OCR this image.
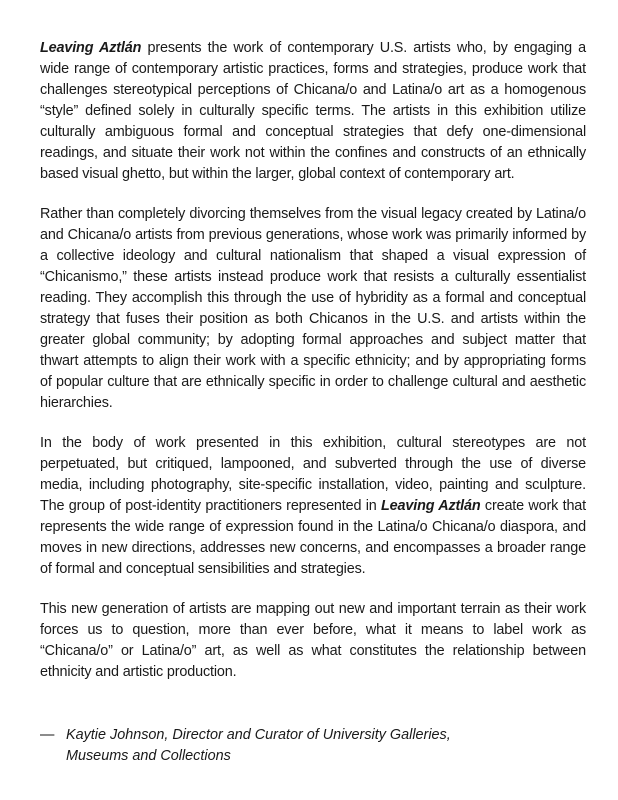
Leaving Aztlán presents the work of contemporary U.S. artists who, by engaging a wide range of contemporary artistic practices, forms and strategies, produce work that challenges stereotypical perceptions of Chicana/o and Latina/o art as a homogenous “style” defined solely in culturally specific terms. The artists in this exhibition utilize culturally ambiguous formal and conceptual strategies that defy one-dimensional readings, and situate their work not within the confines and constructs of an ethnically based visual ghetto, but within the larger, global context of contemporary art.

Rather than completely divorcing themselves from the visual legacy created by Latina/o and Chicana/o artists from previous generations, whose work was primarily informed by a collective ideology and cultural nationalism that shaped a visual expression of “Chicanismo,” these artists instead produce work that resists a culturally essentialist reading. They accomplish this through the use of hybridity as a formal and conceptual strategy that fuses their position as both Chicanos in the U.S. and artists within the greater global community; by adopting formal approaches and subject matter that thwart attempts to align their work with a specific ethnicity; and by appropriating forms of popular culture that are ethnically specific in order to challenge cultural and aesthetic hierarchies.

In the body of work presented in this exhibition, cultural stereotypes are not perpetuated, but critiqued, lampooned, and subverted through the use of diverse media, including photography, site-specific installation, video, painting and sculpture. The group of post-identity practitioners represented in Leaving Aztlán create work that represents the wide range of expression found in the Latina/o Chicana/o diaspora, and moves in new directions, addresses new concerns, and encompasses a broader range of formal and conceptual sensibilities and strategies.

This new generation of artists are mapping out new and important terrain as their work forces us to question, more than ever before, what it means to label work as “Chicana/o” or Latina/o” art, as well as what constitutes the relationship between ethnicity and artistic production.

— Kaytie Johnson, Director and Curator of University Galleries,
Museums and Collections
